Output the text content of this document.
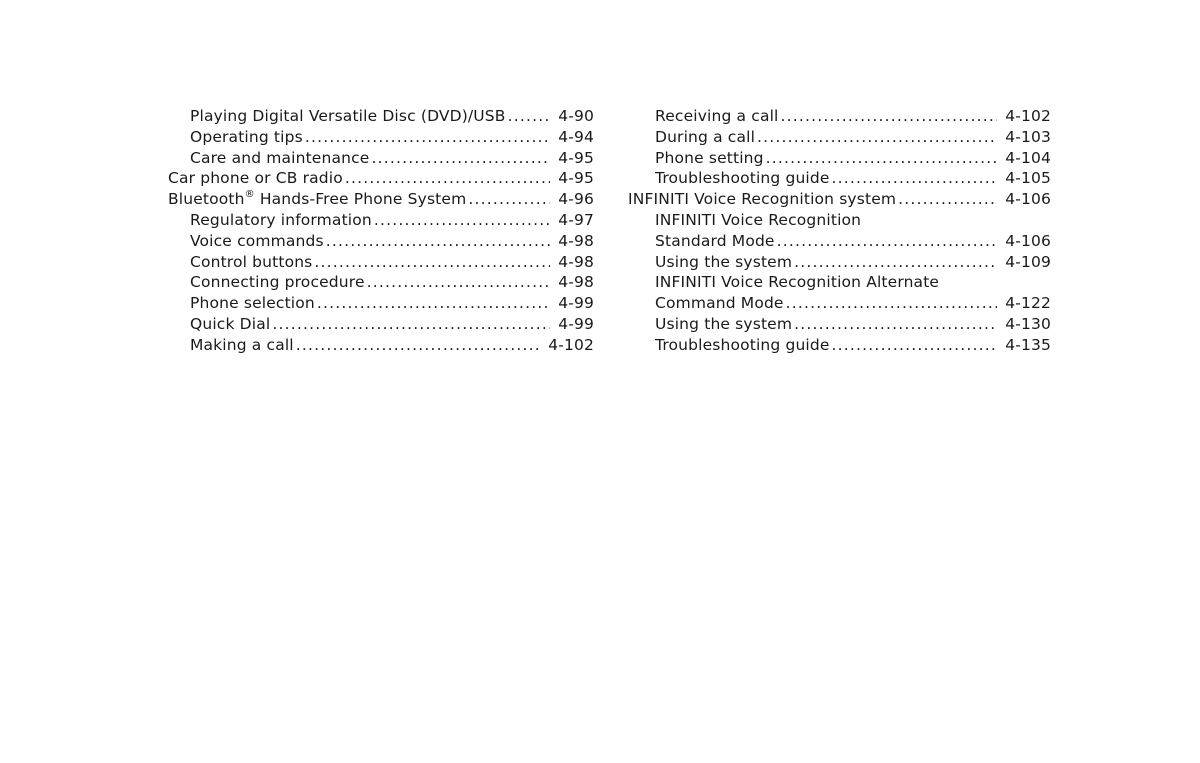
Playing Digital Versatile Disc (DVD)/USB .....	4-90
Operating tips .....	4-94
Care and maintenance .....	4-95
Car phone or CB radio .....	4-95
Bluetooth® Hands-Free Phone System .....	4-96
Regulatory information .....	4-97
Voice commands .....	4-98
Control buttons .....	4-98
Connecting procedure .....	4-98
Phone selection .....	4-99
Quick Dial .....	4-99
Making a call .....	4-102
Receiving a call .....	4-102
During a call .....	4-103
Phone setting .....	4-104
Troubleshooting guide .....	4-105
INFINITI Voice Recognition system .....	4-106
INFINITI Voice Recognition
Standard Mode .....	4-106
Using the system .....	4-109
INFINITI Voice Recognition Alternate
Command Mode .....	4-122
Using the system .....	4-130
Troubleshooting guide .....	4-135
